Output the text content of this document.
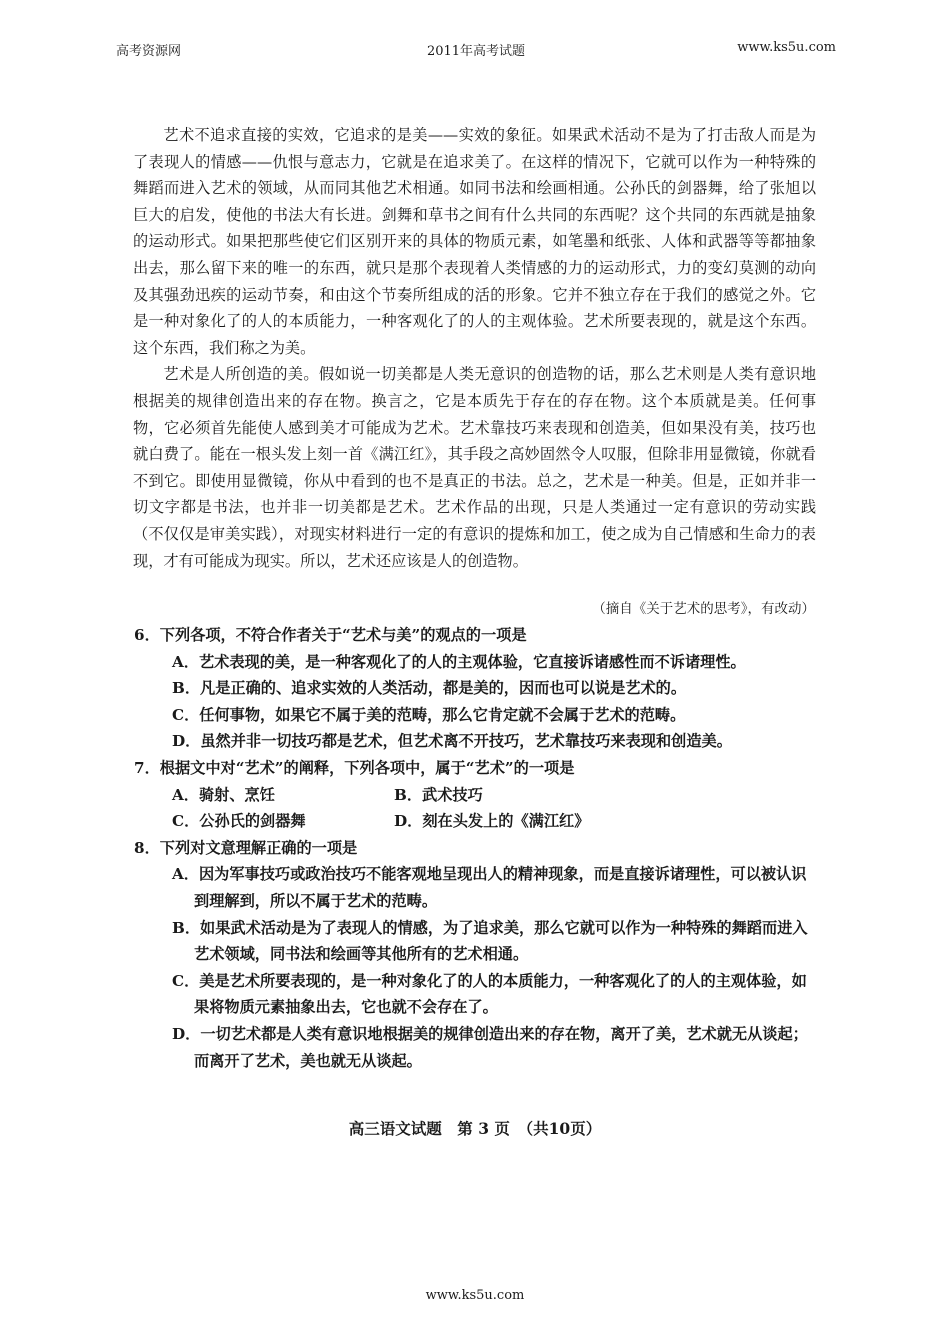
高考资源网	2011年高考试题	www.ks5u.com

艺术不追求直接的实效，它追求的是美——实效的象征。如果武术活动不是为了打击敌人而是为了表现人的情感——仇恨与意志力，它就是在追求美了。在这样的情况下，它就可以作为一种特殊的舞蹈而进入艺术的领域，从而同其他艺术相通。如同书法和绘画相通。公孙氏的剑器舞，给了张旭以巨大的启发，使他的书法大有长进。剑舞和草书之间有什么共同的东西呢？这个共同的东西就是抽象的运动形式。如果把那些使它们区别开来的具体的物质元素，如笔墨和纸张、人体和武器等等都抽象出去，那么留下来的唯一的东西，就只是那个表现着人类情感的力的运动形式，力的变幻莫测的动向及其强劲迅疾的运动节奏，和由这个节奏所组成的活的形象。它并不独立存在于我们的感觉之外。它是一种对象化了的人的本质能力，一种客观化了的人的主观体验。艺术所要表现的，就是这个东西。这个东西，我们称之为美。

艺术是人所创造的美。假如说一切美都是人类无意识的创造物的话，那么艺术则是人类有意识地根据美的规律创造出来的存在物。换言之，它是本质先于存在的存在物。这个本质就是美。任何事物，它必须首先能使人感到美才可能成为艺术。艺术靠技巧来表现和创造美，但如果没有美，技巧也就白费了。能在一根头发上刻一首《满江红》，其手段之高妙固然令人叹服，但除非用显微镜，你就看不到它。即使用显微镜，你从中看到的也不是真正的书法。总之，艺术是一种美。但是，正如并非一切文字都是书法，也并非一切美都是艺术。艺术作品的出现，只是人类通过一定有意识的劳动实践（不仅仅是审美实践），对现实材料进行一定的有意识的提炼和加工，使之成为自己情感和生命力的表现，才有可能成为现实。所以，艺术还应该是人的创造物。

（摘自《关于艺术的思考》，有改动）

6．下列各项，不符合作者关于“艺术与美”的观点的一项是

A．艺术表现的美，是一种客观化了的人的主观体验，它直接诉诸感性而不诉诸理性。

B．凡是正确的、追求实效的人类活动，都是美的，因而也可以说是艺术的。

C．任何事物，如果它不属于美的范畴，那么它肯定就不会属于艺术的范畴。

D．虽然并非一切技巧都是艺术，但艺术离不开技巧，艺术靠技巧来表现和创造美。

7．根据文中对“艺术”的阐释，下列各项中，属于“艺术”的一项是

A．骑射、烹饪	B．武术技巧
C．公孙氏的剑器舞	D．刻在头发上的《满江红》

8．下列对文意理解正确的一项是

A．因为军事技巧或政治技巧不能客观地呈现出人的精神现象，而是直接诉诸理性，可以被认识到理解到，所以不属于艺术的范畴。

B．如果武术活动是为了表现人的情感，为了追求美，那么它就可以作为一种特殊的舞蹈而进入艺术领域，同书法和绘画等其他所有的艺术相通。

C．美是艺术所要表现的，是一种对象化了的人的本质能力，一种客观化了的人的主观体验，如果将物质元素抽象出去，它也就不会存在了。

D．一切艺术都是人类有意识地根据美的规律创造出来的存在物，离开了美，艺术就无从谈起；而离开了艺术，美也就无从谈起。

高三语文试题　第 3 页　（共10页）
www.ks5u.com
